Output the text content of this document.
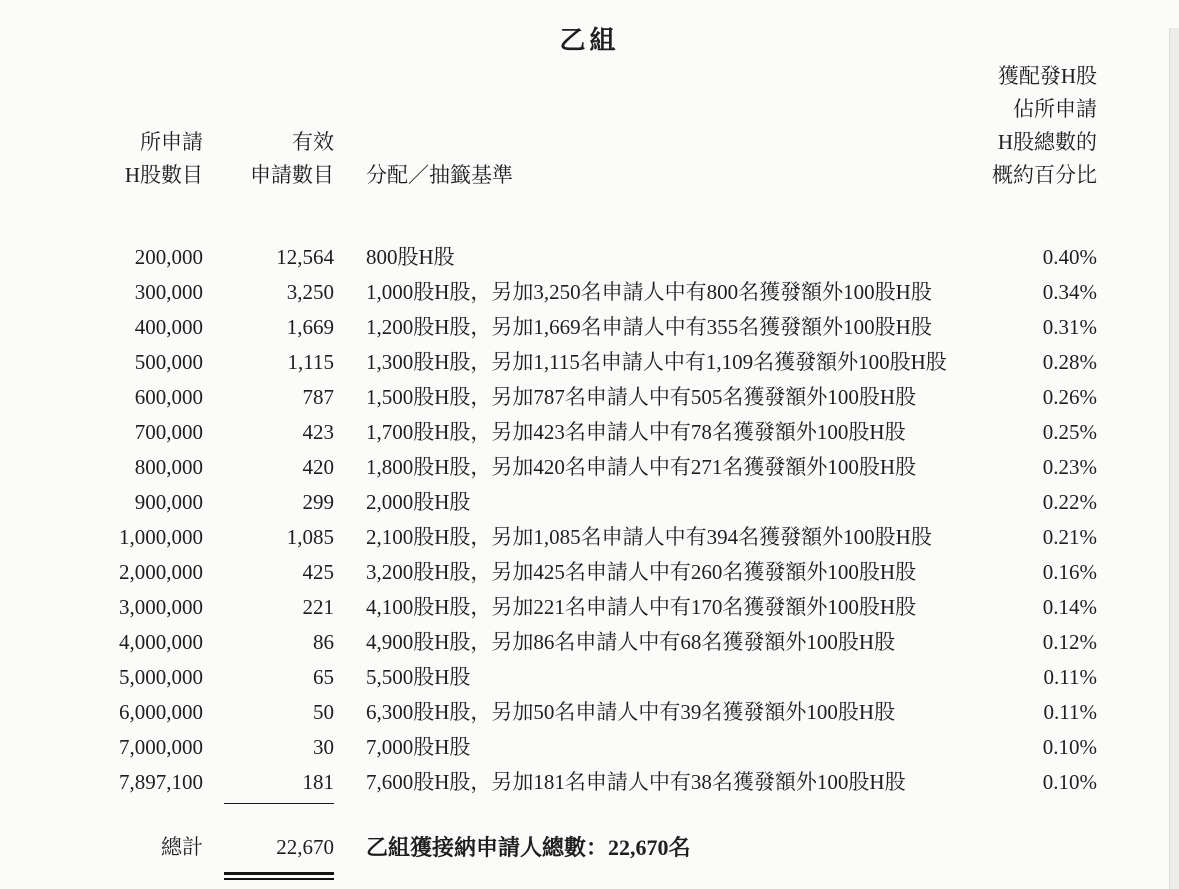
乙組
所申請
H股數目
有效
申請數目	分配／抽籤基準
獲配發H股
佔所申請
H股總數的
概約百分比
200,000	12,564	800股H股	0.40%
300,000	3,250	1,000股H股，另加3,250名申請人中有800名獲發額外100股H股	0.34%
400,000	1,669	1,200股H股，另加1,669名申請人中有355名獲發額外100股H股	0.31%
500,000	1,115	1,300股H股，另加1,115名申請人中有1,109名獲發額外100股H股	0.28%
600,000	787	1,500股H股，另加787名申請人中有505名獲發額外100股H股	0.26%
700,000	423	1,700股H股，另加423名申請人中有78名獲發額外100股H股	0.25%
800,000	420	1,800股H股，另加420名申請人中有271名獲發額外100股H股	0.23%
900,000	299	2,000股H股	0.22%
1,000,000	1,085	2,100股H股，另加1,085名申請人中有394名獲發額外100股H股	0.21%
2,000,000	425	3,200股H股，另加425名申請人中有260名獲發額外100股H股	0.16%
3,000,000	221	4,100股H股，另加221名申請人中有170名獲發額外100股H股	0.14%
4,000,000	86	4,900股H股，另加86名申請人中有68名獲發額外100股H股	0.12%
5,000,000	65	5,500股H股	0.11%
6,000,000	50	6,300股H股，另加50名申請人中有39名獲發額外100股H股	0.11%
7,000,000	30	7,000股H股	0.10%
7,897,100	181	7,600股H股，另加181名申請人中有38名獲發額外100股H股	0.10%
總計	22,670	乙組獲接納申請人總數：22,670名
